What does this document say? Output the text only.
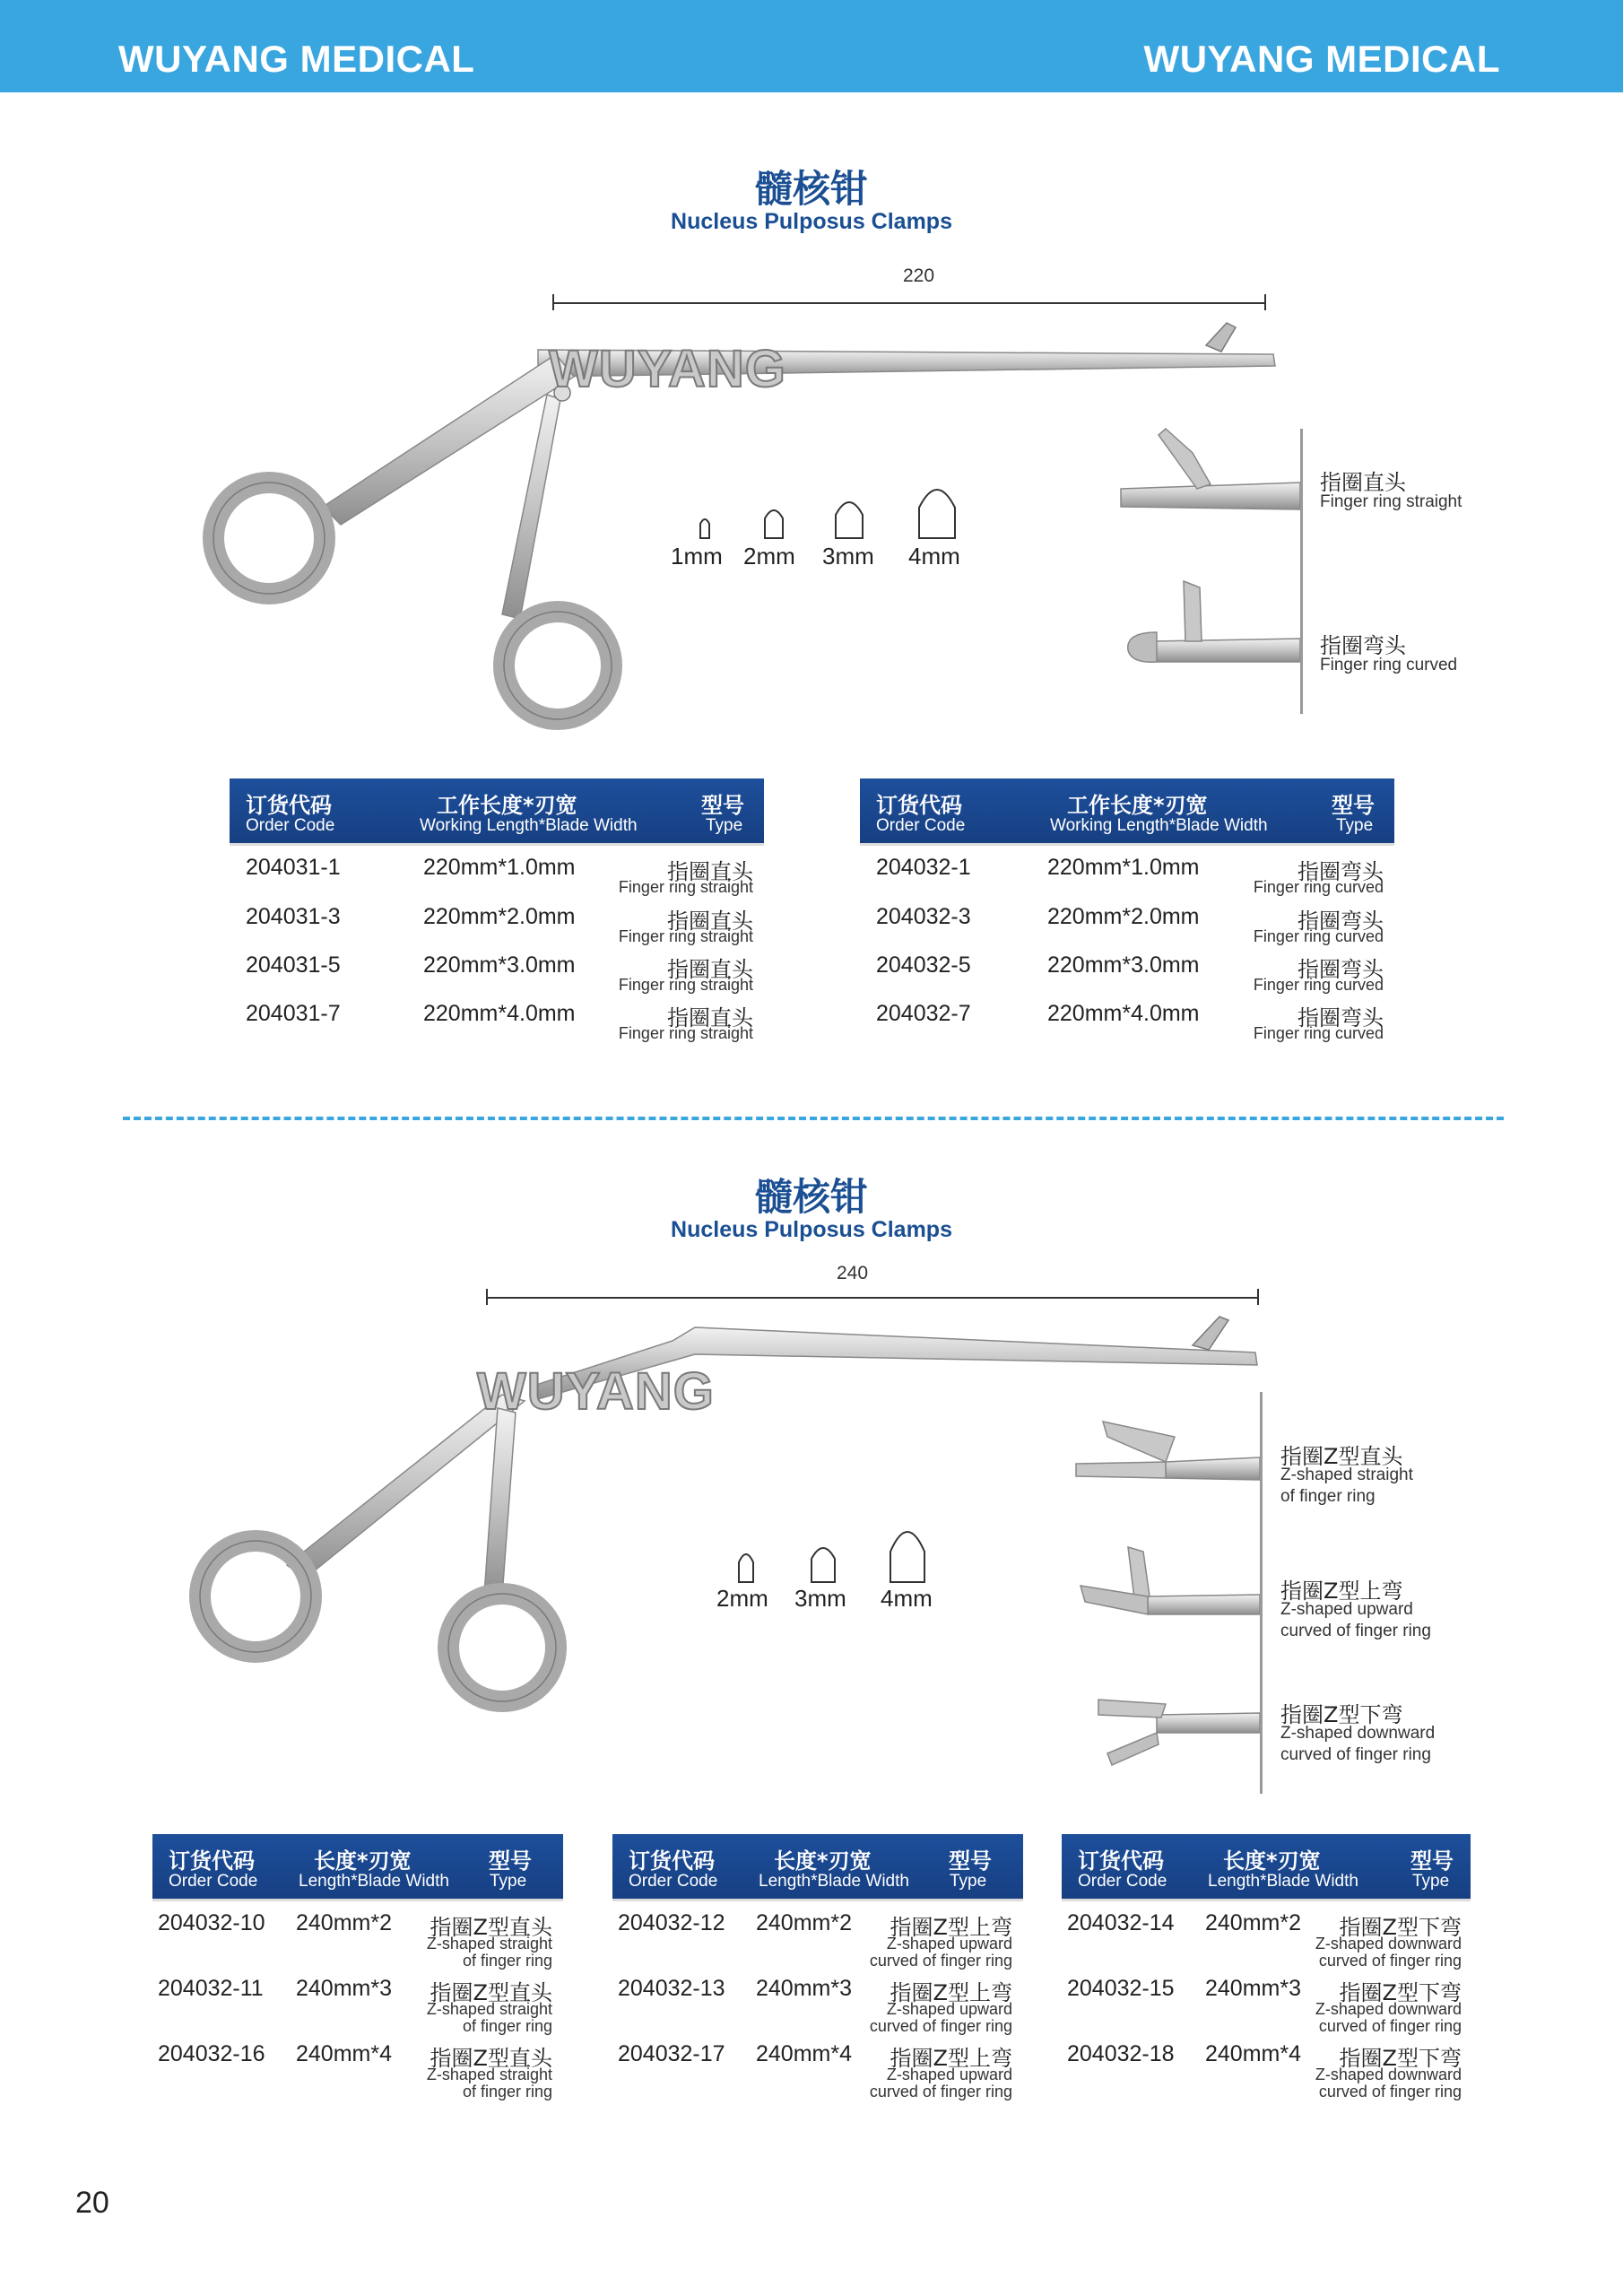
WUYANG MEDICAL	WUYANG MEDICAL
髓核钳
Nucleus Pulposus Clamps
220
WUYANG
1mm 2mm 3mm 4mm
指圈直头
Finger ring straight
指圈弯头
Finger ring curved
订货代码
Order Code
工作长度*刃宽
Working Length*Blade Width
型号
Type
204031-1	220mm*1.0mm	指圈直头
Finger ring straight
204031-3	220mm*2.0mm	指圈直头
Finger ring straight
204031-5	220mm*3.0mm	指圈直头
Finger ring straight
204031-7	220mm*4.0mm	指圈直头
Finger ring straight
订货代码
Order Code
工作长度*刃宽
Working Length*Blade Width
型号
Type
204032-1	220mm*1.0mm	指圈弯头
Finger ring curved
204032-3	220mm*2.0mm	指圈弯头
Finger ring curved
204032-5	220mm*3.0mm	指圈弯头
Finger ring curved
204032-7	220mm*4.0mm	指圈弯头
Finger ring curved
髓核钳
Nucleus Pulposus Clamps
240
WUYANG
2mm 3mm 4mm
指圈Z型直头
Z-shaped straight
of finger ring
指圈Z型上弯
Z-shaped upward
curved of finger ring
指圈Z型下弯
Z-shaped downward
curved of finger ring
订货代码
Order Code
长度*刃宽
Length*Blade Width
型号
Type
204032-10 240mm*2 指圈Z型直头
Z-shaped straight
of finger ring
204032-11 240mm*3 指圈Z型直头
Z-shaped straight
of finger ring
204032-16 240mm*4 指圈Z型直头
Z-shaped straight
of finger ring
订货代码
Order Code
长度*刃宽
Length*Blade Width
型号
Type
204032-12 240mm*2 指圈Z型上弯
Z-shaped upward
curved of finger ring
204032-13 240mm*3 指圈Z型上弯
Z-shaped upward
curved of finger ring
204032-17 240mm*4 指圈Z型上弯
Z-shaped upward
curved of finger ring
订货代码
Order Code
长度*刃宽
Length*Blade Width
型号
Type
204032-14 240mm*2 指圈Z型下弯
Z-shaped downward
curved of finger ring
204032-15 240mm*3 指圈Z型下弯
Z-shaped downward
curved of finger ring
204032-18 240mm*4 指圈Z型下弯
Z-shaped downward
curved of finger ring
20
